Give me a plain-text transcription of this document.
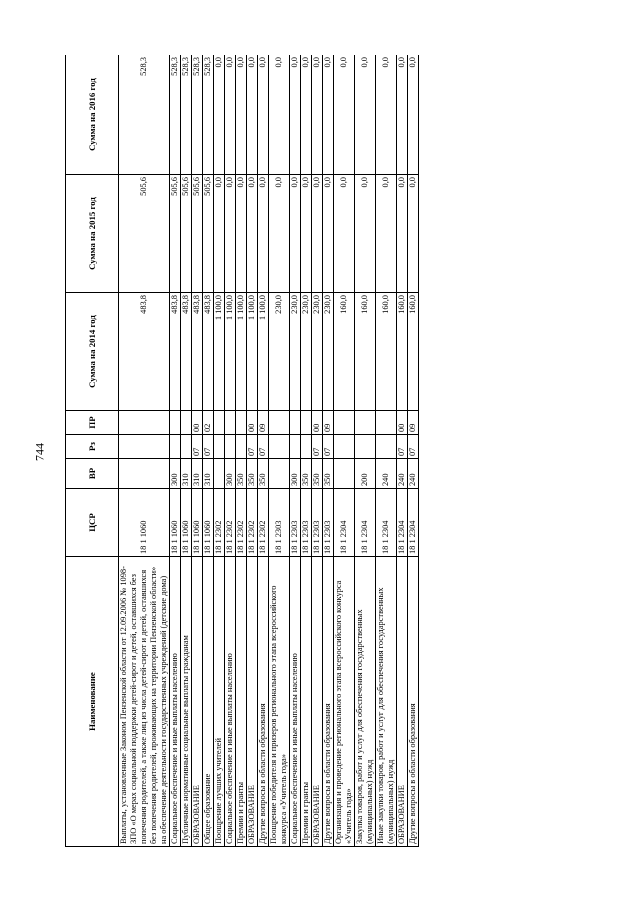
744
Наименование	ЦСР	ВР	Рз	ПР	Сумма на 2014 год	Сумма на 2015 год	Сумма на 2016 год
Выплаты, установленные Законом Пензенской области от 12.09.2006 № 1098-ЗПО «О мерах социальной поддержки детей-сирот и детей, оставшихся без попечения родителей, а также лиц из числа детей-сирот и детей, оставшихся без попечения родителей, проживающих на территории Пензенской области» на обеспечение деятельности государственных учреждений (детские дома)	18 1 1060				483,8	505,6	528,3
Социальное обеспечение и иные выплаты населению	18 1 1060	300			483,8	505,6	528,3
Публичные нормативные социальные выплаты гражданам	18 1 1060	310			483,8	505,6	528,3
ОБРАЗОВАНИЕ	18 1 1060	310	07	00	483,8	505,6	528,3
Общее образование	18 1 1060	310	07	02	483,8	505,6	528,3
Поощрение лучших учителей	18 1 2302				1 100,0	0,0	0,0
Социальное обеспечение и иные выплаты населению	18 1 2302	300			1 100,0	0,0	0,0
Премии и гранты	18 1 2302	350			1 100,0	0,0	0,0
ОБРАЗОВАНИЕ	18 1 2302	350	07	00	1 100,0	0,0	0,0
Другие вопросы в области образования	18 1 2302	350	07	09	1 100,0	0,0	0,0
Поощрение победителя и призеров регионального этапа всероссийского конкурса «Учитель года»	18 1 2303				230,0	0,0	0,0
Социальное обеспечение и иные выплаты населению	18 1 2303	300			230,0	0,0	0,0
Премии и гранты	18 1 2303	350			230,0	0,0	0,0
ОБРАЗОВАНИЕ	18 1 2303	350	07	00	230,0	0,0	0,0
Другие вопросы в области образования	18 1 2303	350	07	09	230,0	0,0	0,0
Организация и проведение регионального этапа всероссийского конкурса «Учитель года»	18 1 2304				160,0	0,0	0,0
Закупка товаров, работ и услуг для обеспечения государственных (муниципальных) нужд	18 1 2304	200			160,0	0,0	0,0
Иные закупки товаров, работ и услуг для обеспечения государственных (муниципальных) нужд	18 1 2304	240			160,0	0,0	0,0
ОБРАЗОВАНИЕ	18 1 2304	240	07	00	160,0	0,0	0,0
Другие вопросы в области образования	18 1 2304	240	07	09	160,0	0,0	0,0
